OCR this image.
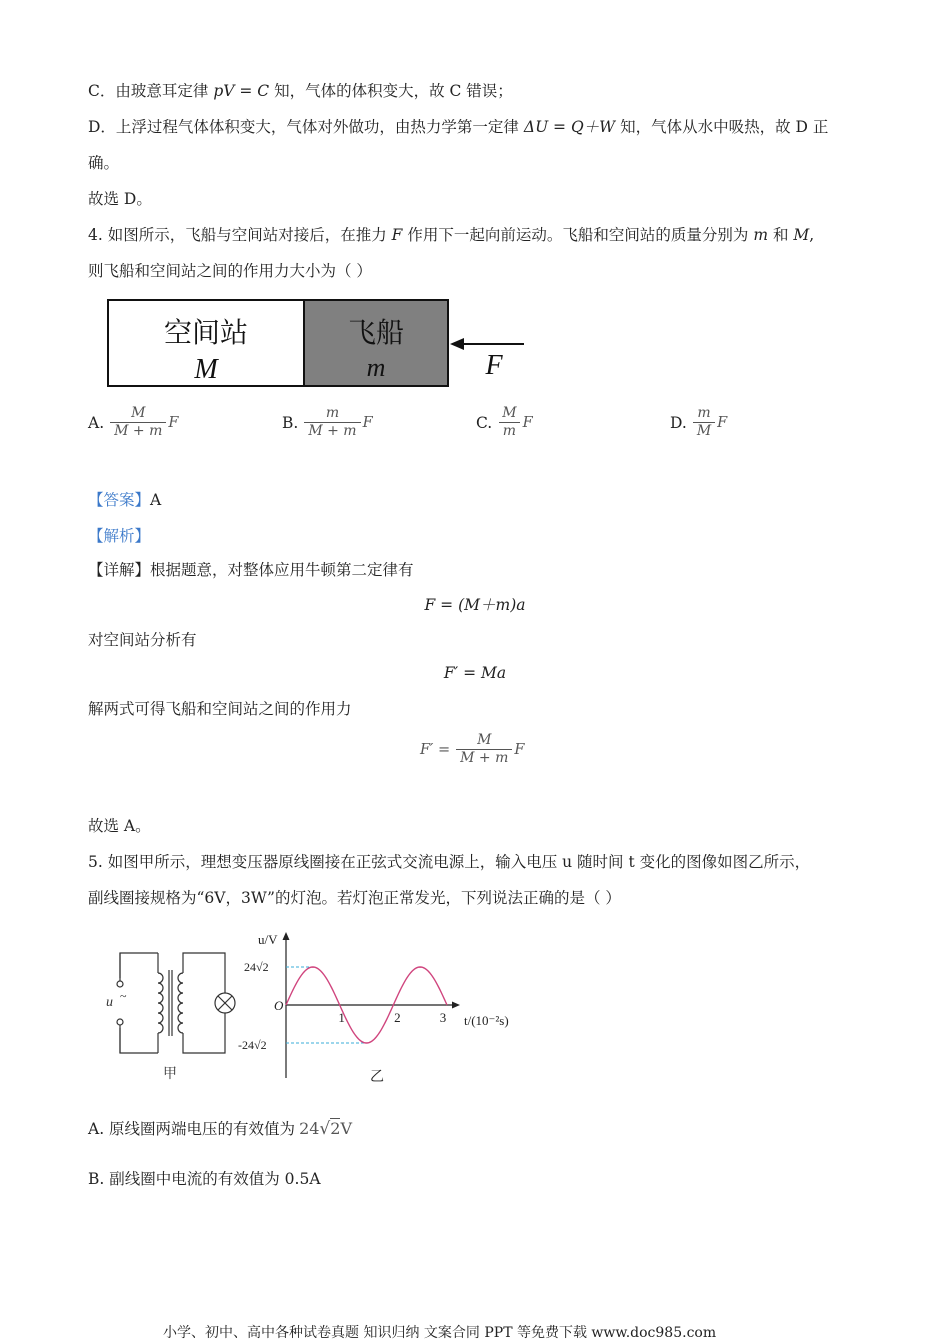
C．由玻意耳定律 pV = C 知，气体的体积变大，故 C 错误；
D．上浮过程气体体积变大，气体对外做功，由热力学第一定律 ΔU = Q＋W 知，气体从水中吸热，故 D 正
确。
故选 D。
4. 如图所示，飞船与空间站对接后，在推力 F 作用下一起向前运动。飞船和空间站的质量分别为 m 和 M,
则飞船和空间站之间的作用力大小为（ ）
空间站
M
飞船
m	F
A. $\frac{M}{M + m}$ F	B. $\frac{m}{M + m}$ F	C. $\frac{M}{m}$ F	D. $\frac{m}{M}$ F
【答案】A
【解析】
【详解】根据题意，对整体应用牛顿第二定律有
F = (M＋m)a
对空间站分析有
F′ = Ma
解两式可得飞船和空间站之间的作用力
$F' = \frac{M}{M + m}$ F
故选 A。
5. 如图甲所示，理想变压器原线圈接在正弦式交流电源上，输入电压 u 随时间 t 变化的图像如图乙所示，
副线圈接规格为“6V，3W”的灯泡。若灯泡正常发光，下列说法正确的是（ ）
u ~
甲
u/V
t/(10⁻²s)
O
24√2
-24√2
1	2	3
乙
A. 原线圈两端电压的有效值为 24√2V
B. 副线圈中电流的有效值为 0.5A
小学、初中、高中各种试卷真题 知识归纳 文案合同 PPT 等免费下载 www.doc985.com
